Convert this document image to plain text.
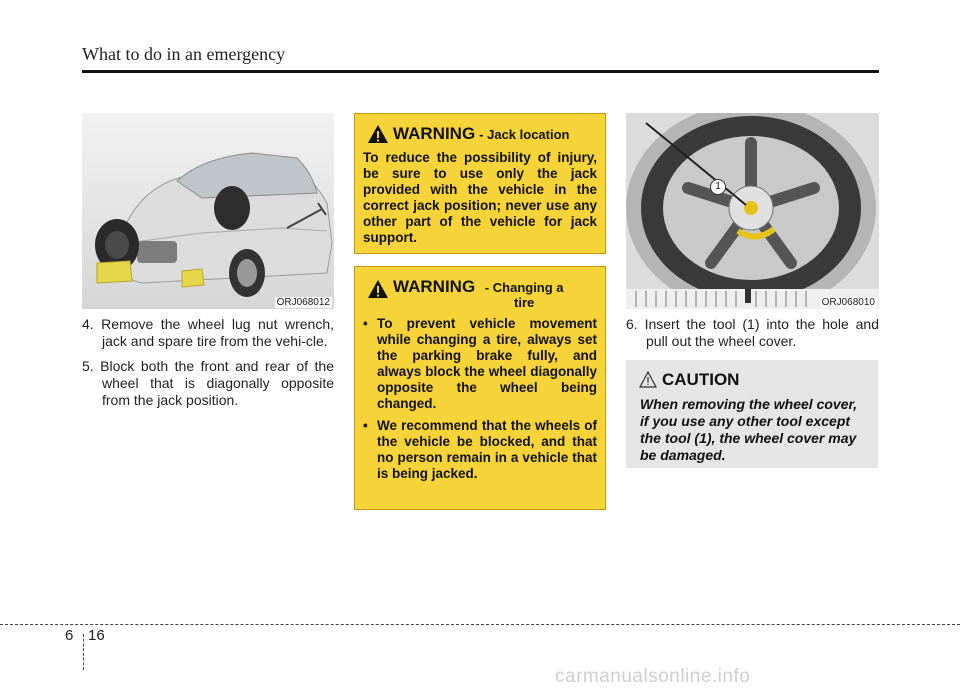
What to do in an emergency
ORJ068012
4. Remove the wheel lug nut wrench, jack and spare tire from the vehi-cle.
5. Block both the front and rear of the wheel that is diagonally opposite from the jack position.
WARNING - Jack location
To reduce the possibility of injury, be sure to use only the jack provided with the vehicle in the correct jack position; never use any other part of the vehicle for jack support.
WARNING - Changing a tire
• To prevent vehicle movement while changing a tire, always set the parking brake fully, and always block the wheel diagonally opposite the wheel being changed.
• We recommend that the wheels of the vehicle be blocked, and that no person remain in a vehicle that is being jacked.
1
ORJ068010
6. Insert the tool (1) into the hole and pull out the wheel cover.
CAUTION
When removing the wheel cover, if you use any other tool except the tool (1), the wheel cover may be damaged.
6 16
carmanualsonline.info
